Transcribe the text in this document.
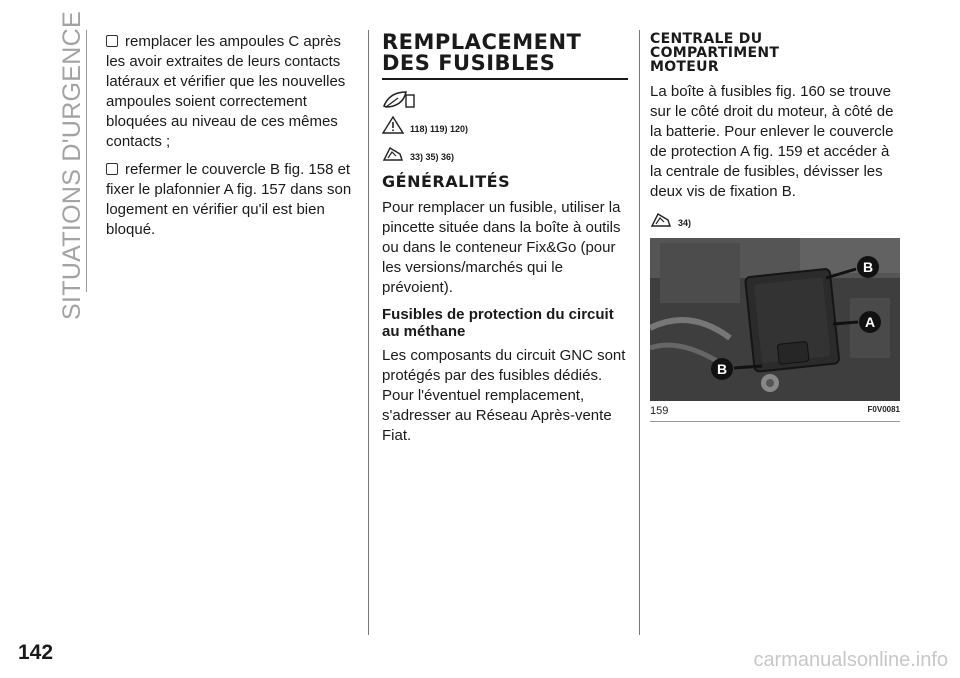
SITUATIONS D'URGENCE
142

remplacer les ampoules C après les avoir extraites de leurs contacts latéraux et vérifier que les nouvelles ampoules soient correctement bloquées au niveau de ces mêmes contacts ;

refermer le couvercle B fig. 158 et fixer le plafonnier A fig. 157 dans son logement en vérifier qu'il est bien bloqué.

REMPLACEMENT
DES FUSIBLES
118) 119) 120)
33) 35) 36)
GÉNÉRALITÉS

Pour remplacer un fusible, utiliser la pincette située dans la boîte à outils ou dans le conteneur Fix&Go (pour les versions/marchés qui le prévoient).

Fusibles de protection du circuit au méthane

Les composants du circuit GNC sont protégés par des fusibles dédiés. Pour l'éventuel remplacement, s'adresser au Réseau Après-vente Fiat.

CENTRALE DU
COMPARTIMENT
MOTEUR

La boîte à fusibles fig. 160 se trouve sur le côté droit du moteur, à côté de la batterie. Pour enlever le couvercle de protection A fig. 159 et accéder à la centrale de fusibles, dévisser les deux vis de fixation B.

34)
B
A
B
159	F0V0081
carmanualsonline.info
